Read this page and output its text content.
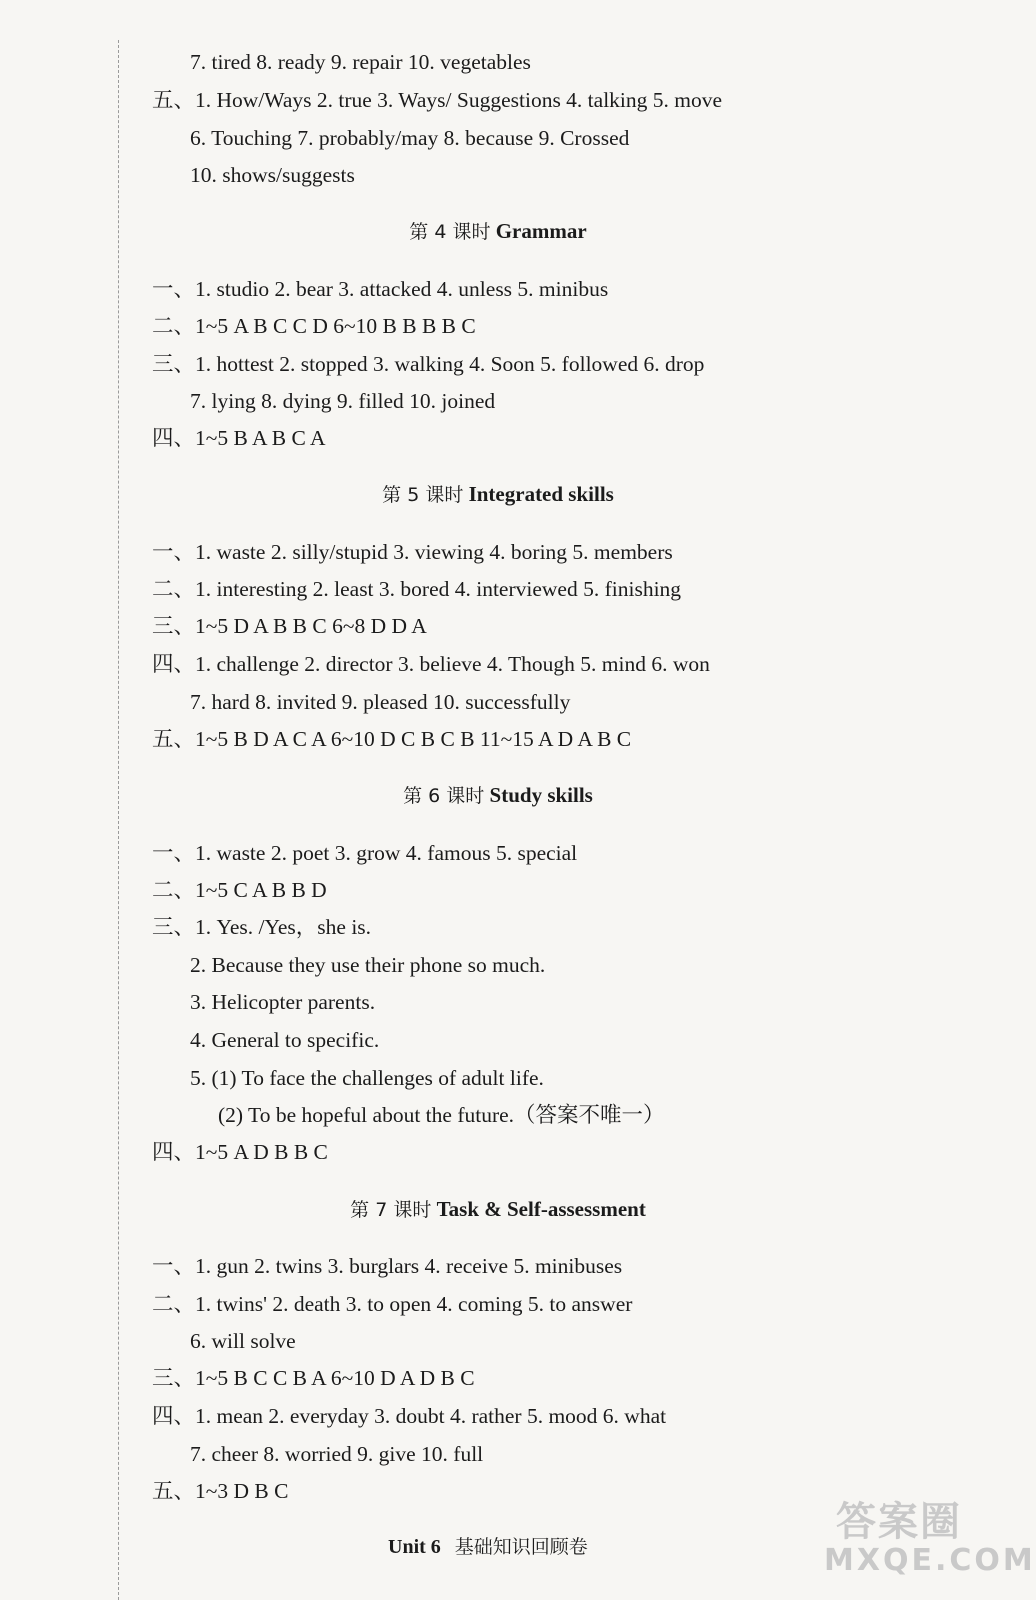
7. tired 8. ready 9. repair 10. vegetables
五、1. How/Ways 2. true 3. Ways/ Suggestions 4. talking 5. move
6. Touching 7. probably/may 8. because 9. Crossed
10. shows/suggests
第 4 课时 Grammar
一、1. studio 2. bear 3. attacked 4. unless 5. minibus
二、1~5 A B C C D 6~10 B B B B C
三、1. hottest 2. stopped 3. walking 4. Soon 5. followed 6. drop
7. lying 8. dying 9. filled 10. joined
四、1~5 B A B C A
第 5 课时 Integrated skills
一、1. waste 2. silly/stupid 3. viewing 4. boring 5. members
二、1. interesting 2. least 3. bored 4. interviewed 5. finishing
三、1~5 D A B B C 6~8 D D A
四、1. challenge 2. director 3. believe 4. Though 5. mind 6. won
7. hard 8. invited 9. pleased 10. successfully
五、1~5 B D A C A 6~10 D C B C B 11~15 A D A B C
第 6 课时 Study skills
一、1. waste 2. poet 3. grow 4. famous 5. special
二、1~5 C A B B D
三、1. Yes. /Yes，she is.
2. Because they use their phone so much.
3. Helicopter parents.
4. General to specific.
5. (1) To face the challenges of adult life.
(2) To be hopeful about the future.（答案不唯一）
四、1~5 A D B B C
第 7 课时 Task & Self-assessment
一、1. gun 2. twins 3. burglars 4. receive 5. minibuses
二、1. twins' 2. death 3. to open 4. coming 5. to answer
6. will solve
三、1~5 B C C B A 6~10 D A D B C
四、1. mean 2. everyday 3. doubt 4. rather 5. mood 6. what
7. cheer 8. worried 9. give 10. full
五、1~3 D B C
Unit 6 基础知识回顾卷
答案圈
MXQE.COM
